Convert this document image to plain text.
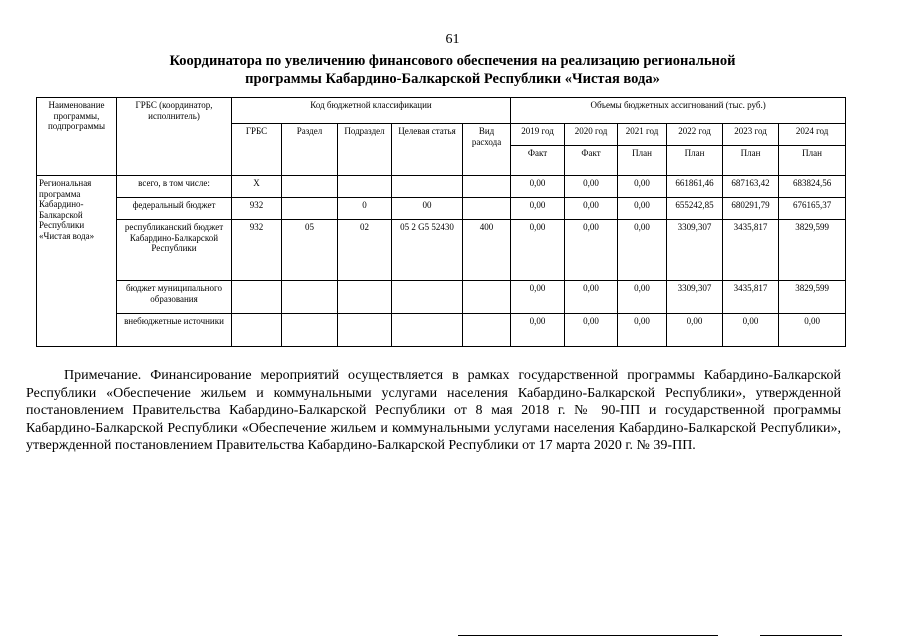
61
Координатора по увеличению финансового обеспечения на реализацию региональной
программы Кабардино-Балкарской Республики «Чистая вода»
Наименование программы, подпрограммы	ГРБС (координатор, исполнитель)	Код бюджетной классификации					Объемы бюджетных ассигнований (тыс. руб.)					
		ГРБС	Раздел	Подраздел	Целевая статья	Вид расхода	2019 год	2020 год	2021 год	2022 год	2023 год	2024 год
							Факт	Факт	План	План	План	План
Региональная программа Кабардино-Балкарской Республики «Чистая вода»	всего, в том числе:	Х					0,00	0,00	0,00	661861,46	687163,42	683824,56
	федеральный бюджет	932		0	00		0,00	0,00	0,00	655242,85	680291,79	676165,37
	республиканский бюджет Кабардино-Балкарской Республики	932	05	02	05 2 G5 52430	400	0,00	0,00	0,00	3309,307	3435,817	3829,599
	бюджет муниципального образования						0,00	0,00	0,00	3309,307	3435,817	3829,599
	внебюджетные источники						0,00	0,00	0,00	0,00	0,00	0,00
Примечание. Финансирование мероприятий осуществляется в рамках государственной программы Кабардино-Балкарской Республики «Обеспечение жильем и коммунальными услугами населения Кабардино-Балкарской Республики», утвержденной постановлением Правительства Кабардино-Балкарской Республики от 8 мая 2018 г. № 90-ПП и государственной программы Кабардино-Балкарской Республики «Обеспечение жильем и коммунальными услугами населения Кабардино-Балкарской Республики», утвержденной постановлением Правительства Кабардино-Балкарской Республики от 17 марта 2020 г. № 39-ПП.
